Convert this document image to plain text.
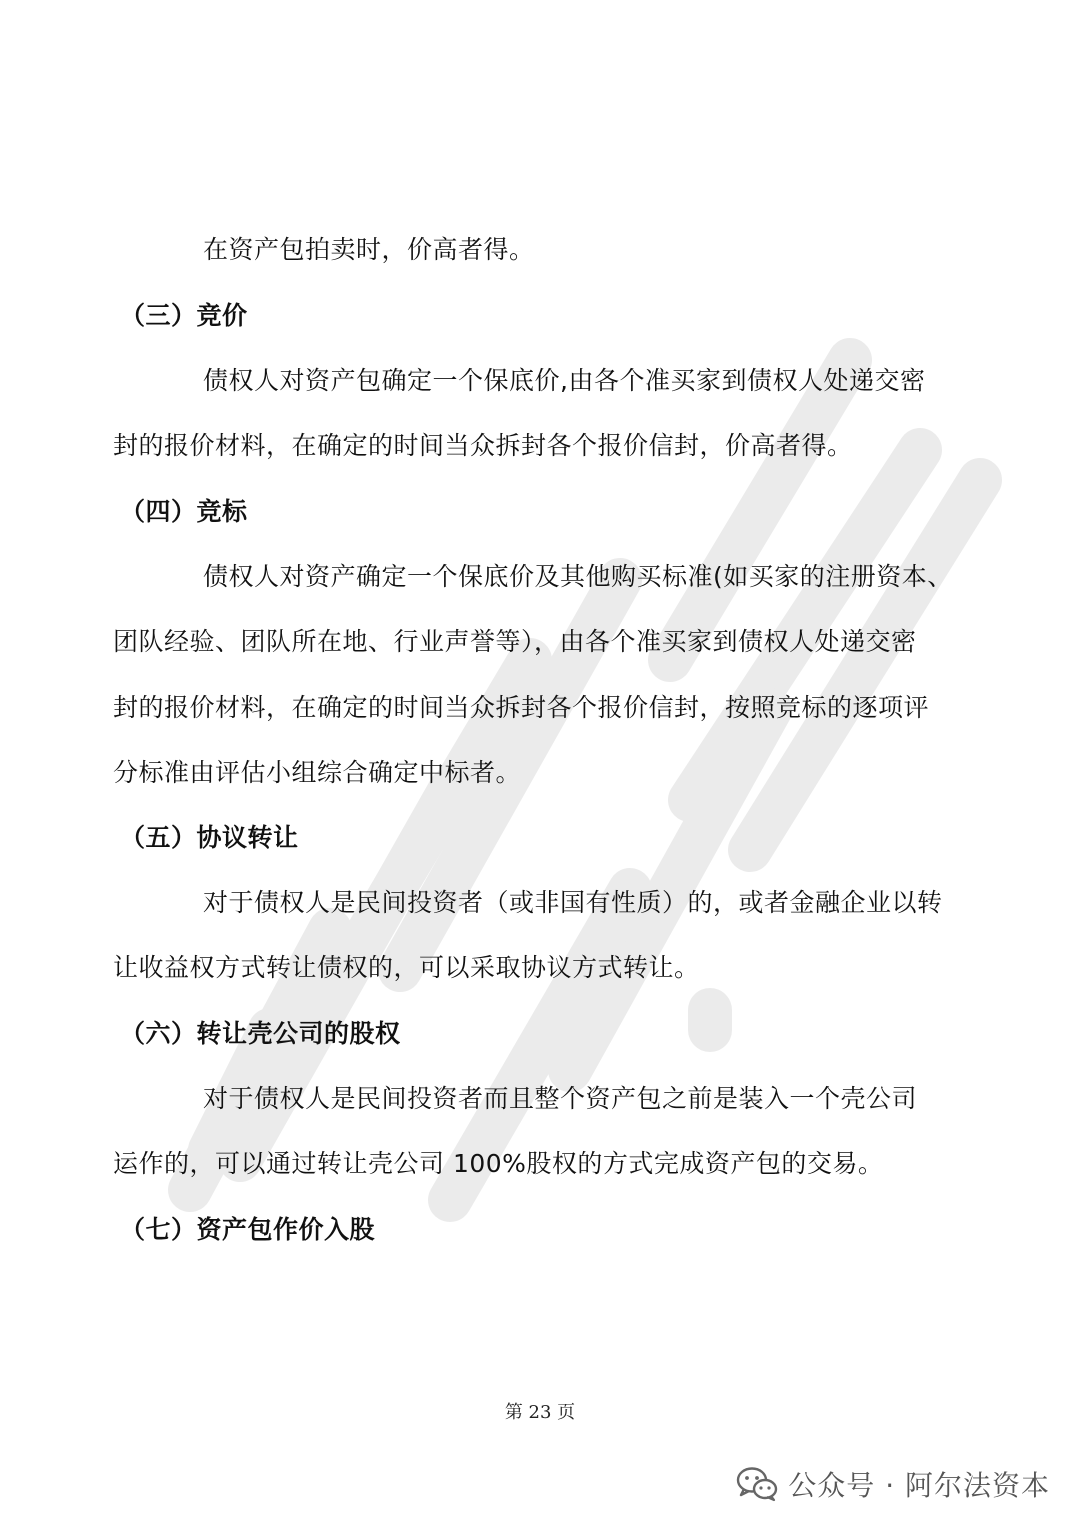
在资产包拍卖时，价高者得。
（三）竞价
债权人对资产包确定一个保底价,由各个准买家到债权人处递交密
封的报价材料，在确定的时间当众拆封各个报价信封，价高者得。
（四）竞标
债权人对资产确定一个保底价及其他购买标准(如买家的注册资本、
团队经验、团队所在地、行业声誉等），由各个准买家到债权人处递交密
封的报价材料，在确定的时间当众拆封各个报价信封，按照竞标的逐项评
分标准由评估小组综合确定中标者。
（五）协议转让
对于债权人是民间投资者（或非国有性质）的，或者金融企业以转
让收益权方式转让债权的，可以采取协议方式转让。
（六）转让壳公司的股权
对于债权人是民间投资者而且整个资产包之前是装入一个壳公司
运作的，可以通过转让壳公司 100%股权的方式完成资产包的交易。
（七）资产包作价入股
第 23 页
公众号 · 阿尔法资本
